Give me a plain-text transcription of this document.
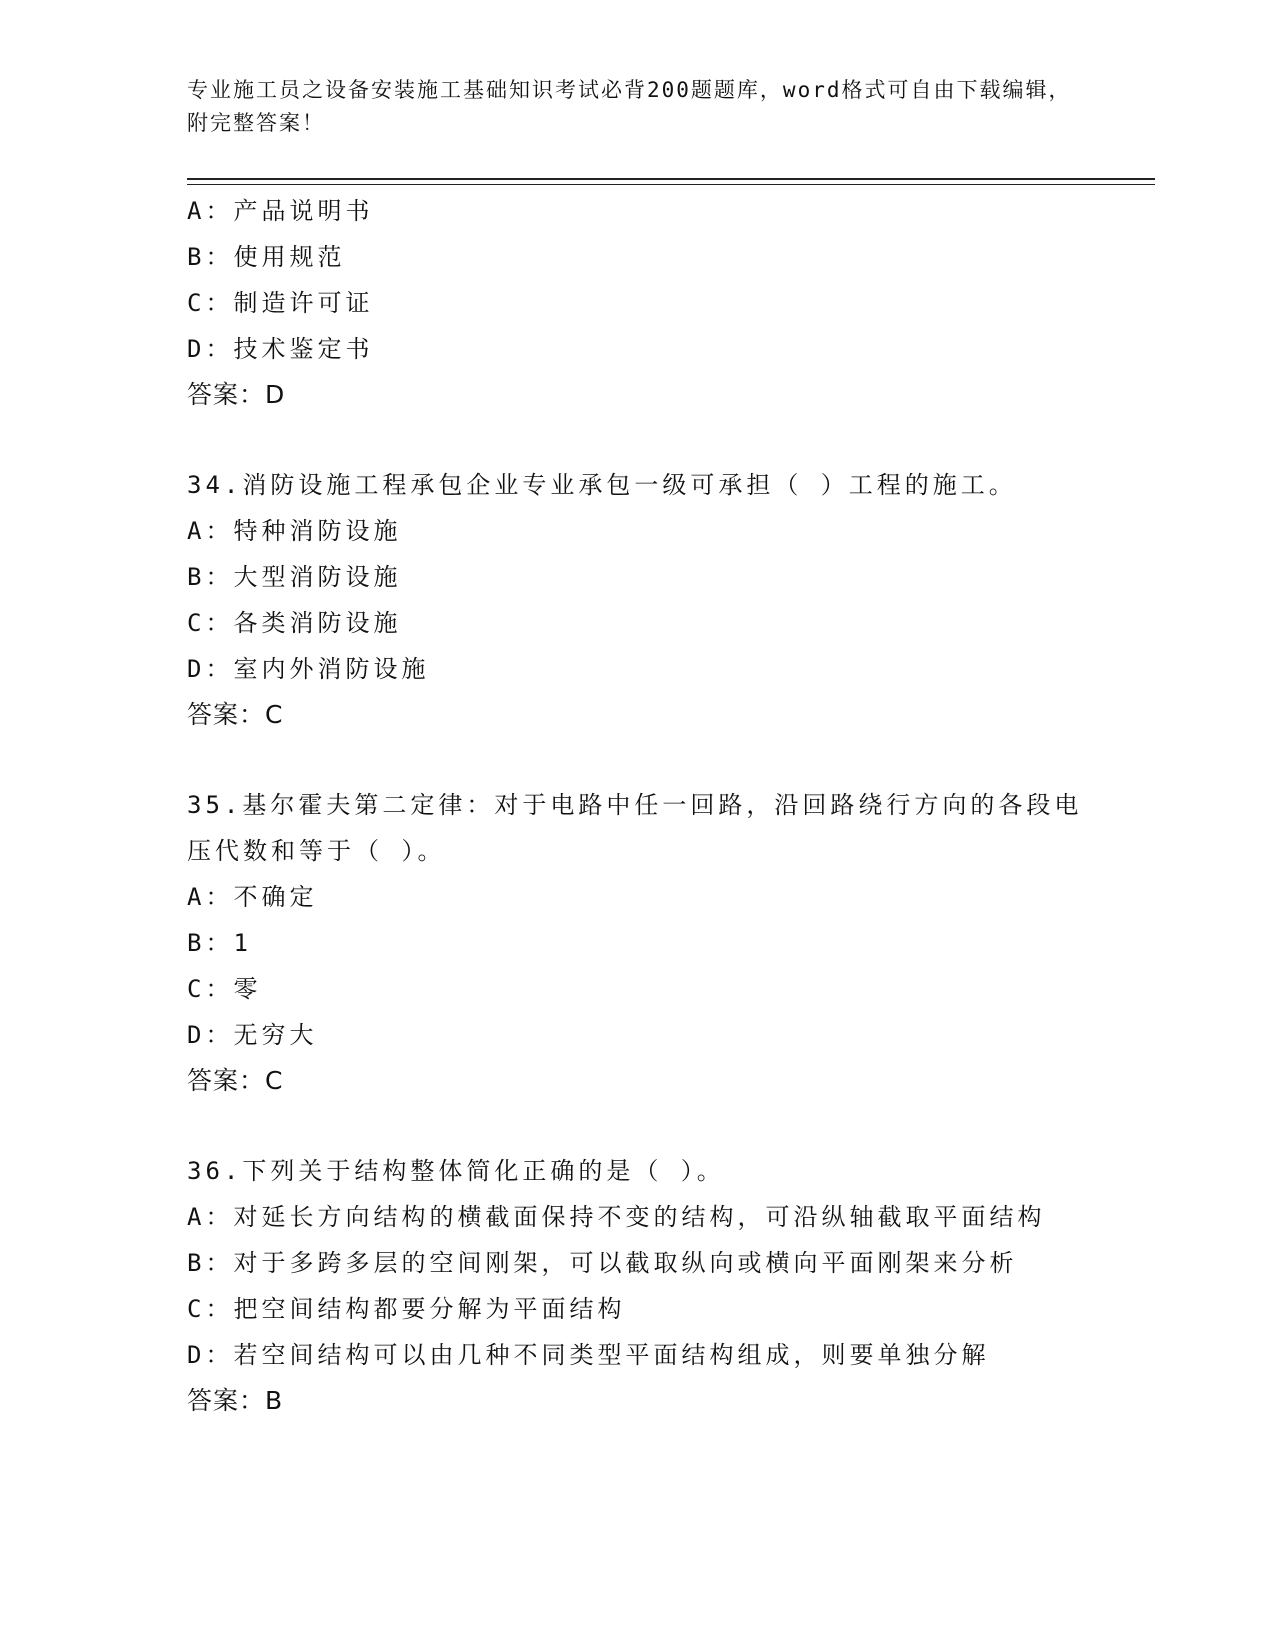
专业施工员之设备安装施工基础知识考试必背200题题库，word格式可自由下载编辑，附完整答案！
A：产品说明书
B：使用规范
C：制造许可证
D：技术鉴定书
答案：D
34.消防设施工程承包企业专业承包一级可承担（ ）工程的施工。
A：特种消防设施
B：大型消防设施
C：各类消防设施
D：室内外消防设施
答案：C
35.基尔霍夫第二定律：对于电路中任一回路，沿回路绕行方向的各段电压代数和等于（ ）。
A：不确定
B：1
C：零
D：无穷大
答案：C
36.下列关于结构整体简化正确的是（ ）。
A：对延长方向结构的横截面保持不变的结构，可沿纵轴截取平面结构
B：对于多跨多层的空间刚架，可以截取纵向或横向平面刚架来分析
C：把空间结构都要分解为平面结构
D：若空间结构可以由几种不同类型平面结构组成，则要单独分解
答案：B
